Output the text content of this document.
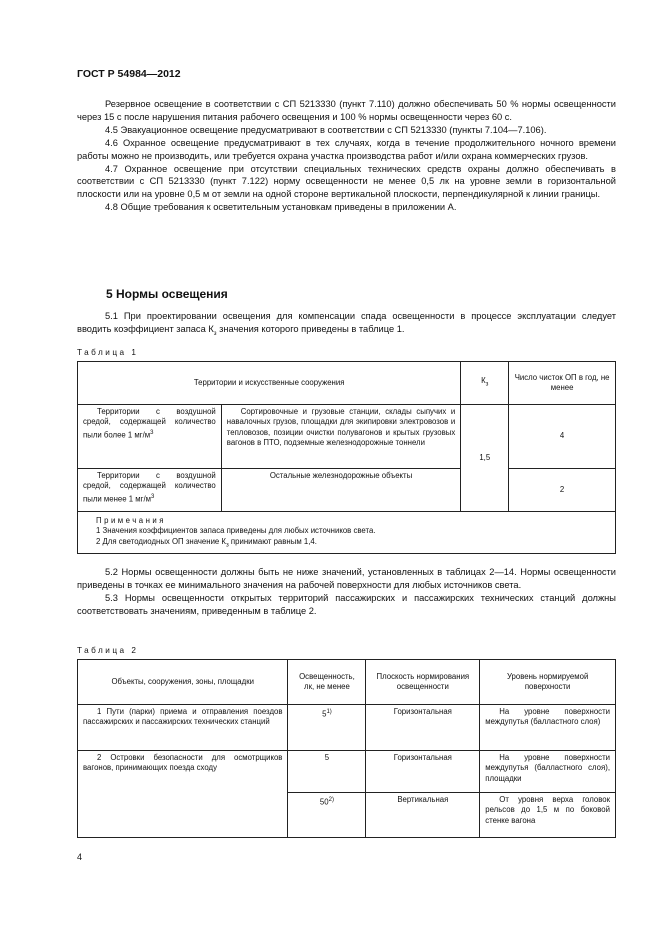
ГОСТ Р 54984—2012

Резервное освещение в соответствии с СП 5213330 (пункт 7.110) должно обеспечивать 50 % нормы освещенности через 15 с после нарушения питания рабочего освещения и 100 % нормы освещенности через 60 с.

4.5 Эвакуационное освещение предусматривают в соответствии с СП 5213330 (пункты 7.104—7.106).

4.6 Охранное освещение предусматривают в тех случаях, когда в течение продолжительного ночного времени работы можно не производить, или требуется охрана участка производства работ и/или охрана коммерческих грузов.

4.7 Охранное освещение при отсутствии специальных технических средств охраны должно обеспечивать в соответствии с СП 5213330 (пункт 7.122) норму освещенности не менее 0,5 лк на уровне земли в горизонтальной плоскости или на уровне 0,5 м от земли на одной стороне вертикальной плоскости, перпендикулярной к линии границы.

4.8 Общие требования к осветительным установкам приведены в приложении А.

5 Нормы освещения

5.1 При проектировании освещения для компенсации спада освещенности в процессе эксплуатации следует вводить коэффициент запаса $К_з$ значения которого приведены в таблице 1.

Таблица 1
Территории и искусственные сооружения		$К_з$	Число чисток ОП в год, не менее
Территории с воздушной средой, содержащей количество пыли более 1 $мг/м^3$	Сортировочные и грузовые станции, склады сыпучих и навалочных грузов, площадки для экипировки электровозов и тепловозов, позиции очистки полувагонов и крытых грузовых вагонов в ПТО, подземные железнодорожные тоннели	1,5	4
Территории с воздушной средой, содержащей количество пыли менее 1 $мг/м^3$	Остальные железнодорожные объекты		2

Примечания
1 Значения коэффициентов запаса приведены для любых источников света.
2 Для светодиодных ОП значение $К_з$ принимают равным 1,4.			

5.2 Нормы освещенности должны быть не ниже значений, установленных в таблицах 2—14. Нормы освещенности приведены в точках ее минимального значения на рабочей поверхности для любых источников света.

5.3 Нормы освещенности открытых территорий пассажирских и пассажирских технических станций должны соответствовать значениям, приведенным в таблице 2.

Таблица 2
Объекты, сооружения, зоны, площадки	Освещенность, лк, не менее	Плоскость нормирования освещенности	Уровень нормируемой поверхности
1 Пути (парки) приема и отправления поездов пассажирских и пассажирских технических станций	5$^{1)}$	Горизонтальная	На уровне поверхности междупутья (балластного слоя)
2 Островки безопасности для осмотрщиков вагонов, принимающих поезда сходу	5	Горизонтальная	На уровне поверхности междупутья (балластного слоя), площадки
	50$^{2)}$	Вертикальная	От уровня верха головок рельсов до 1,5 м по боковой стенке вагона
4
